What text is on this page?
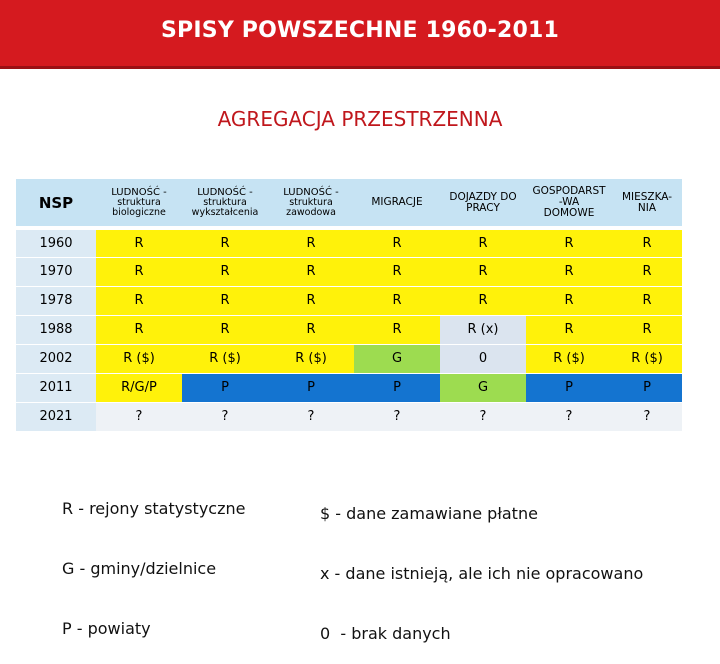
SPISY POWSZECHNE 1960-2011
AGREGACJA PRZESTRZENNA
NSP	LUDNOŚĆ -
struktura
biologiczne	LUDNOŚĆ -
struktura
wykształcenia	LUDNOŚĆ -
struktura
zawodowa	MIGRACJE	DOJAZDY DO
PRACY	GOSPODARST
-WA
DOMOWE	MIESZKA-
NIA

1960	R	R	R	R	R	R	R
1970	R	R	R	R	R	R	R
1978	R	R	R	R	R	R	R
1988	R	R	R	R	R (x)	R	R
2002	R ($)	R ($)	R ($)	G	0	R ($)	R ($)
2011	R/G/P	P	P	P	G	P	P
2021	?	?	?	?	?	?	?

R - rejony statystyczne

G - gminy/dzielnice

P - powiaty

$ - dane zamawiane płatne

x - dane istnieją, ale ich nie opracowano

0  - brak danych
